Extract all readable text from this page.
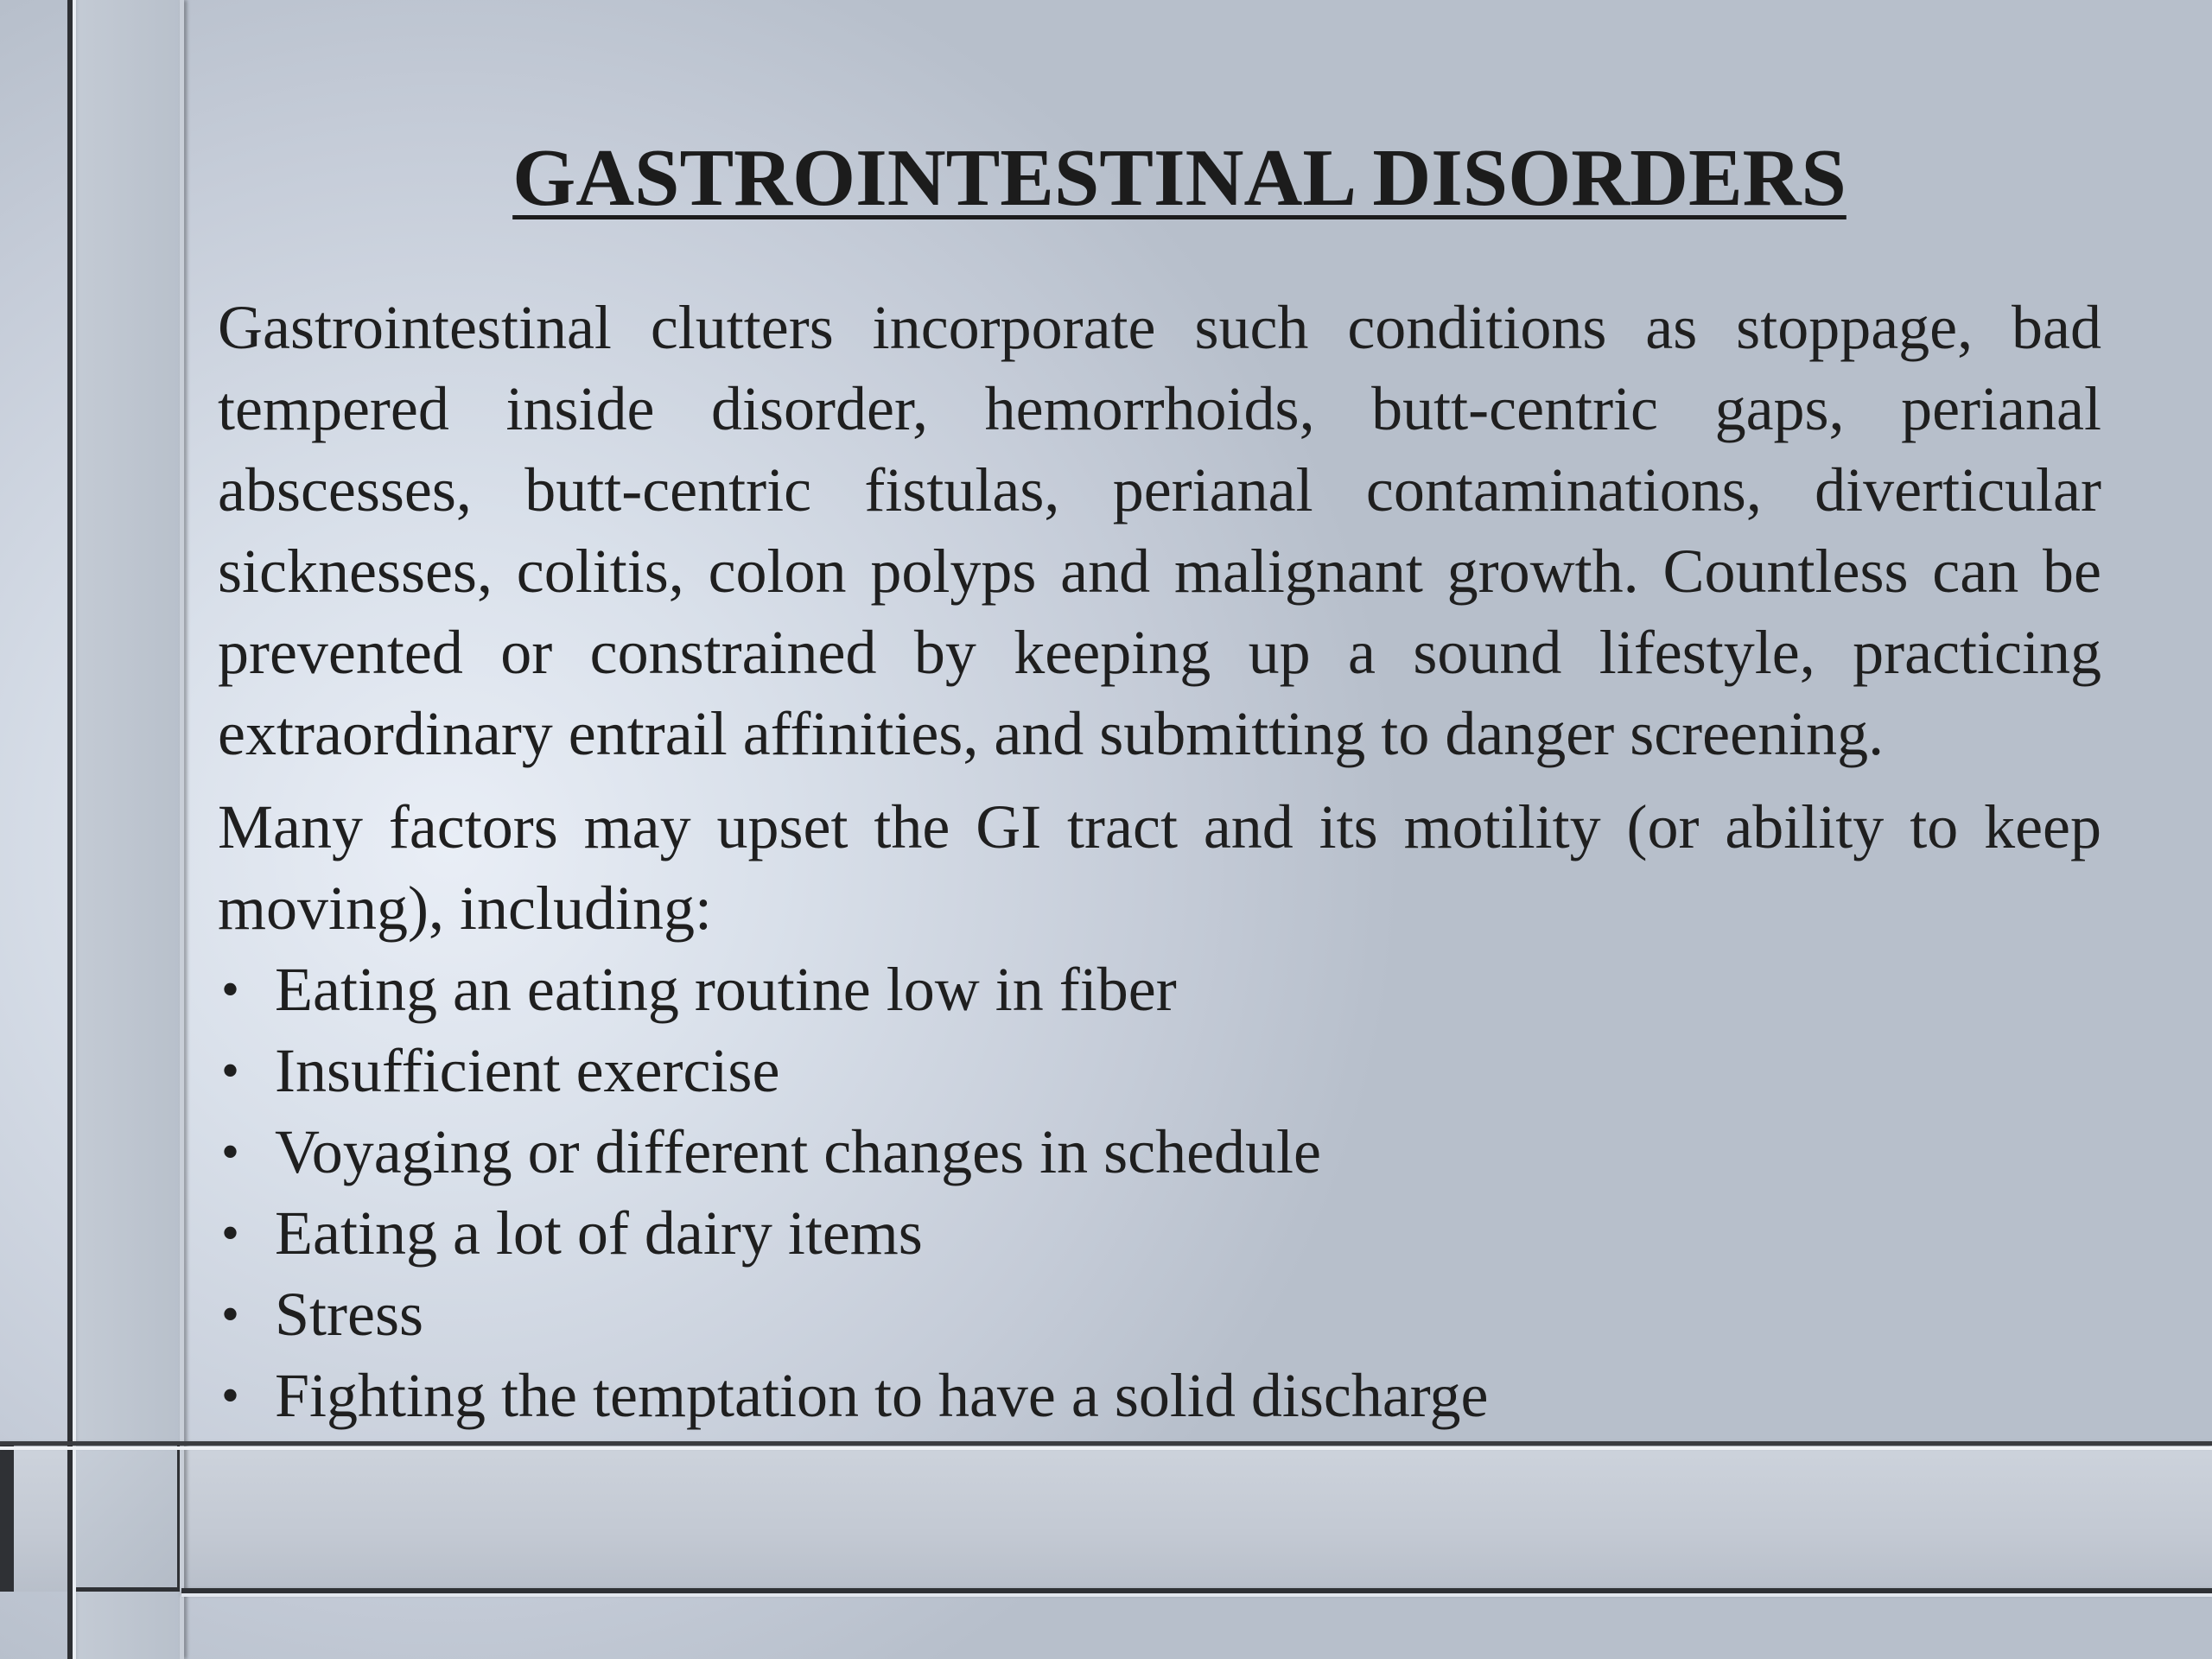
GASTROINTESTINAL DISORDERS

Gastrointestinal clutters incorporate such conditions as stoppage, bad tempered inside disorder, hemorrhoids, butt-centric gaps, perianal abscesses, butt-centric fistulas, perianal contaminations, diverticular sicknesses, colitis, colon polyps and malignant growth. Countless can be prevented or constrained by keeping up a sound lifestyle, practicing extraordinary entrail affinities, and submitting to danger screening.

Many factors may upset the GI tract and its motility (or ability to keep moving), including:

• Eating an eating routine low in fiber
• Insufficient exercise
• Voyaging or different changes in schedule
• Eating a lot of dairy items
• Stress
• Fighting the temptation to have a solid discharge
